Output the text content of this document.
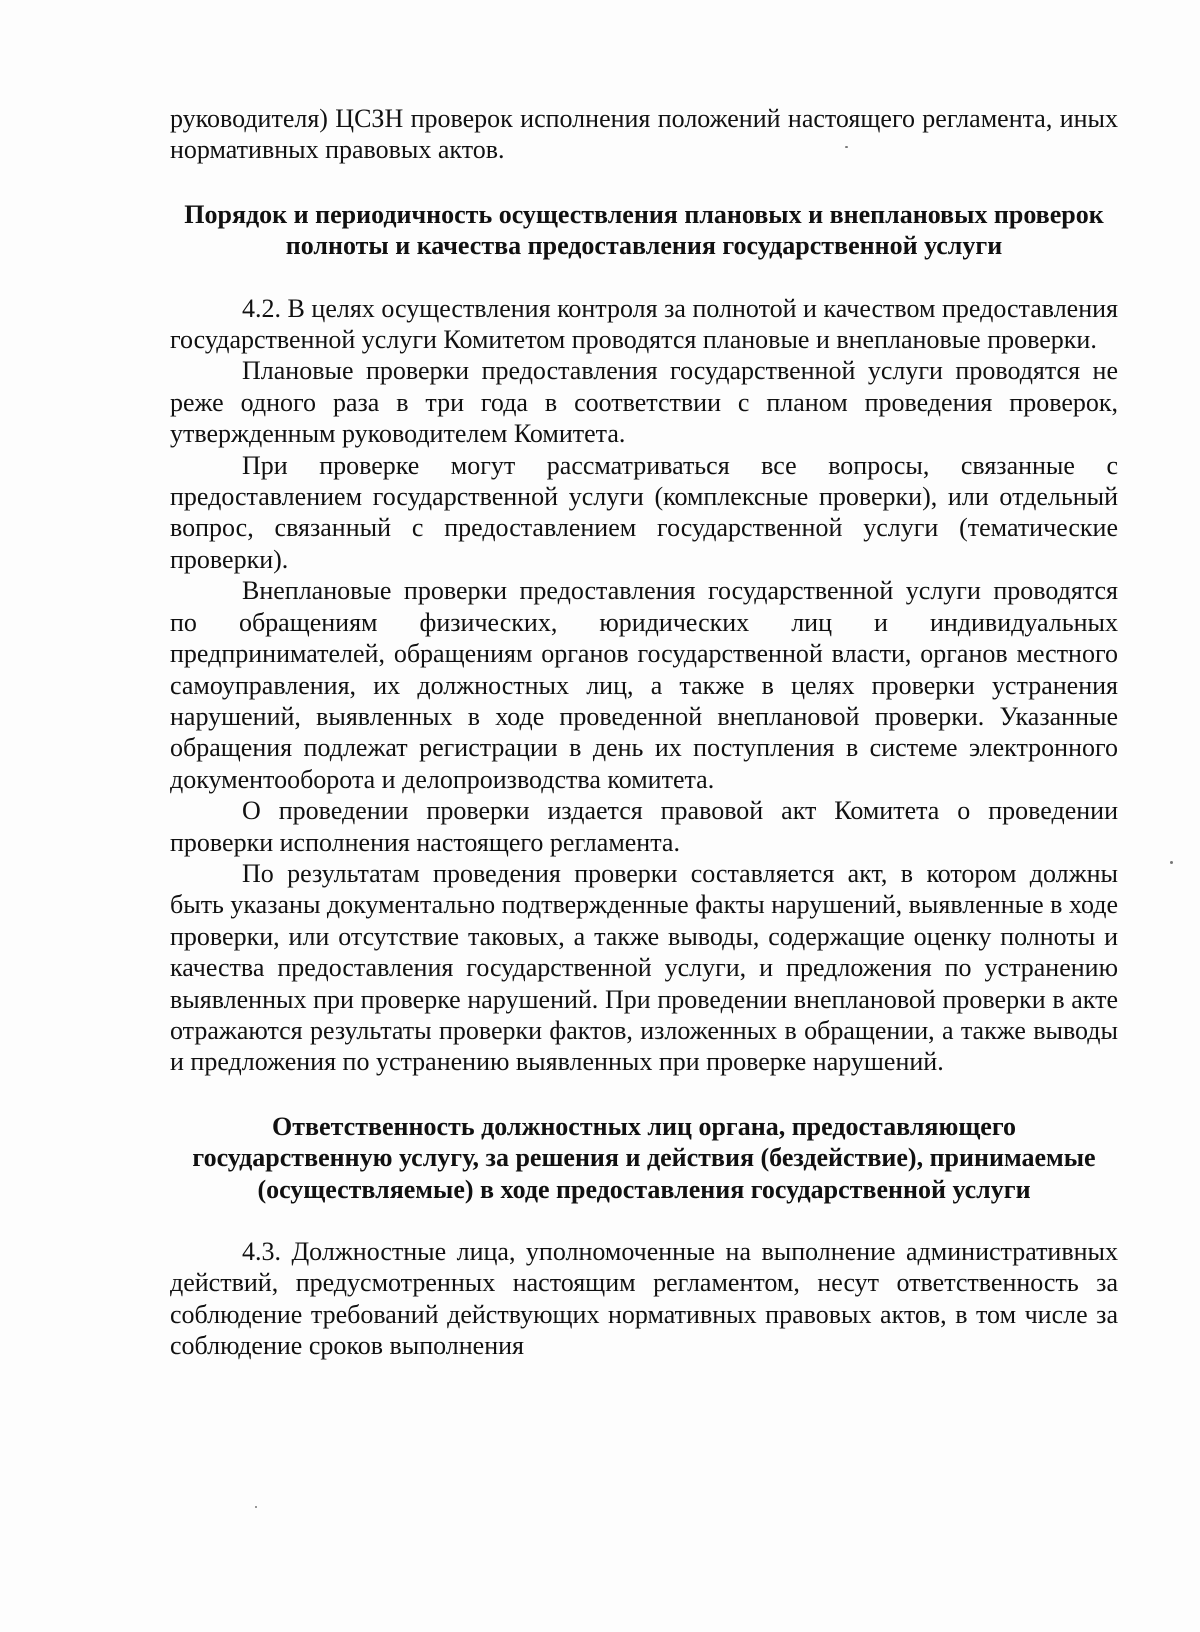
руководителя) ЦСЗН проверок исполнения положений настоящего регламента, иных нормативных правовых актов.

Порядок и периодичность осуществления плановых и внеплановых проверок полноты и качества предоставления государственной услуги

4.2. В целях осуществления контроля за полнотой и качеством предоставления государственной услуги Комитетом проводятся плановые и внеплановые проверки.

Плановые проверки предоставления государственной услуги проводятся не реже одного раза в три года в соответствии с планом проведения проверок, утвержденным руководителем Комитета.

При проверке могут рассматриваться все вопросы, связанные с предоставлением государственной услуги (комплексные проверки), или отдельный вопрос, связанный с предоставлением государственной услуги (тематические проверки).

Внеплановые проверки предоставления государственной услуги проводятся по обращениям физических, юридических лиц и индивидуальных предпринимателей, обращениям органов государственной власти, органов местного самоуправления, их должностных лиц, а также в целях проверки устранения нарушений, выявленных в ходе проведенной внеплановой проверки. Указанные обращения подлежат регистрации в день их поступления в системе электронного документооборота и делопроизводства комитета.

О проведении проверки издается правовой акт Комитета о проведении проверки исполнения настоящего регламента.

По результатам проведения проверки составляется акт, в котором должны быть указаны документально подтвержденные факты нарушений, выявленные в ходе проверки, или отсутствие таковых, а также выводы, содержащие оценку полноты и качества предоставления государственной услуги, и предложения по устранению выявленных при проверке нарушений. При проведении внеплановой проверки в акте отражаются результаты проверки фактов, изложенных в обращении, а также выводы и предложения по устранению выявленных при проверке нарушений.

Ответственность должностных лиц органа, предоставляющего государственную услугу, за решения и действия (бездействие), принимаемые (осуществляемые) в ходе предоставления государственной услуги

4.3. Должностные лица, уполномоченные на выполнение административных действий, предусмотренных настоящим регламентом, несут ответственность за соблюдение требований действующих нормативных правовых актов, в том числе за соблюдение сроков выполнения
